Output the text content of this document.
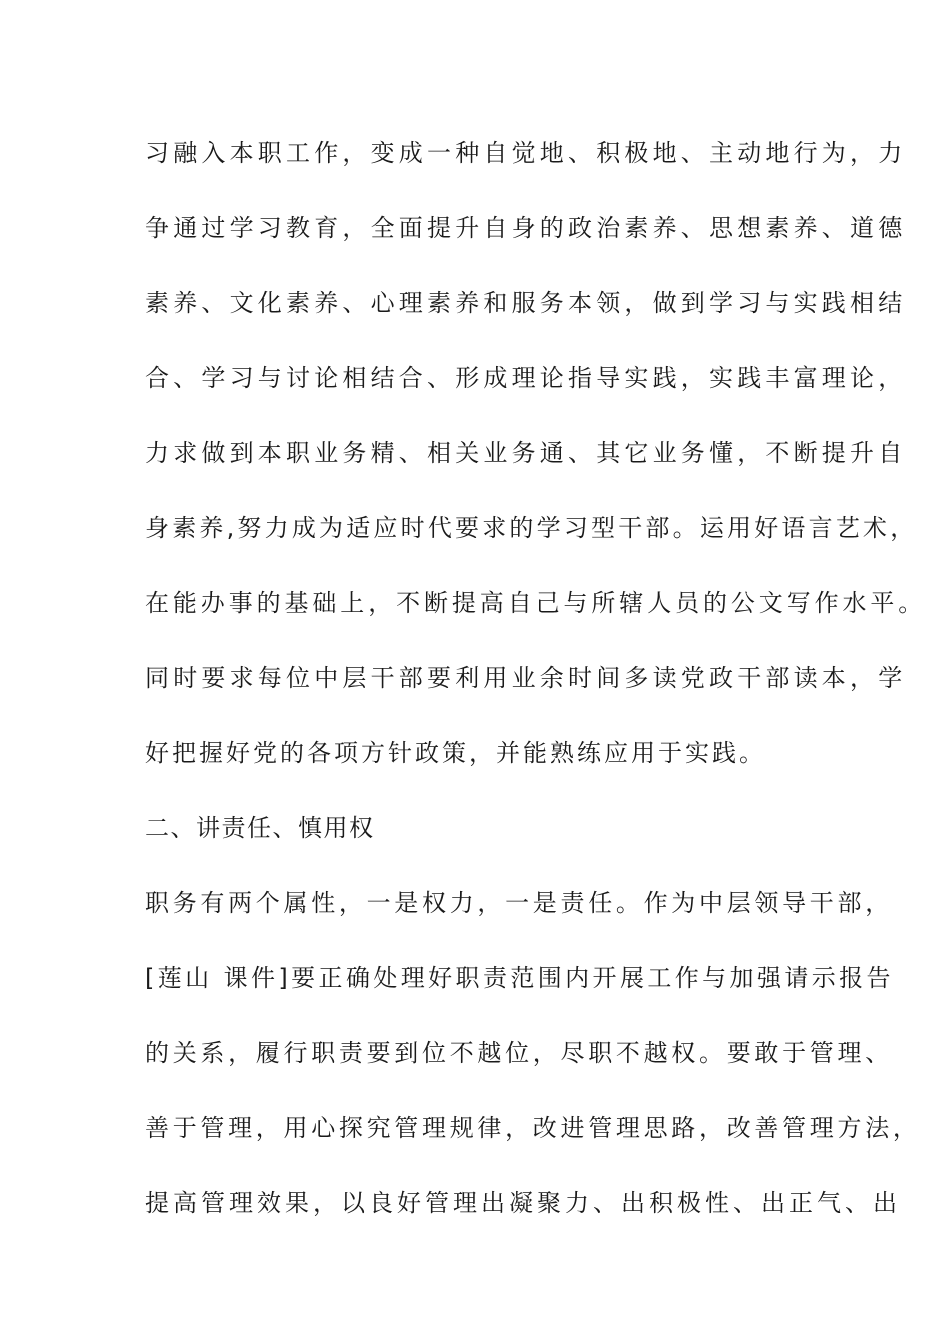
习融入本职工作，变成一种自觉地、积极地、主动地行为，力
争通过学习教育，全面提升自身的政治素养、思想素养、道德
素养、文化素养、心理素养和服务本领，做到学习与实践相结
合、学习与讨论相结合、形成理论指导实践，实践丰富理论，
力求做到本职业务精、相关业务通、其它业务懂，不断提升自
身素养,努力成为适应时代要求的学习型干部。运用好语言艺术，
在能办事的基础上，不断提高自己与所辖人员的公文写作水平。
同时要求每位中层干部要利用业余时间多读党政干部读本，学
好把握好党的各项方针政策，并能熟练应用于实践。
二、讲责任、慎用权
职务有两个属性，一是权力，一是责任。作为中层领导干部，
[莲山 课件]要正确处理好职责范围内开展工作与加强请示报告
的关系，履行职责要到位不越位，尽职不越权。要敢于管理、
善于管理，用心探究管理规律，改进管理思路，改善管理方法，
提高管理效果，以良好管理出凝聚力、出积极性、出正气、出
